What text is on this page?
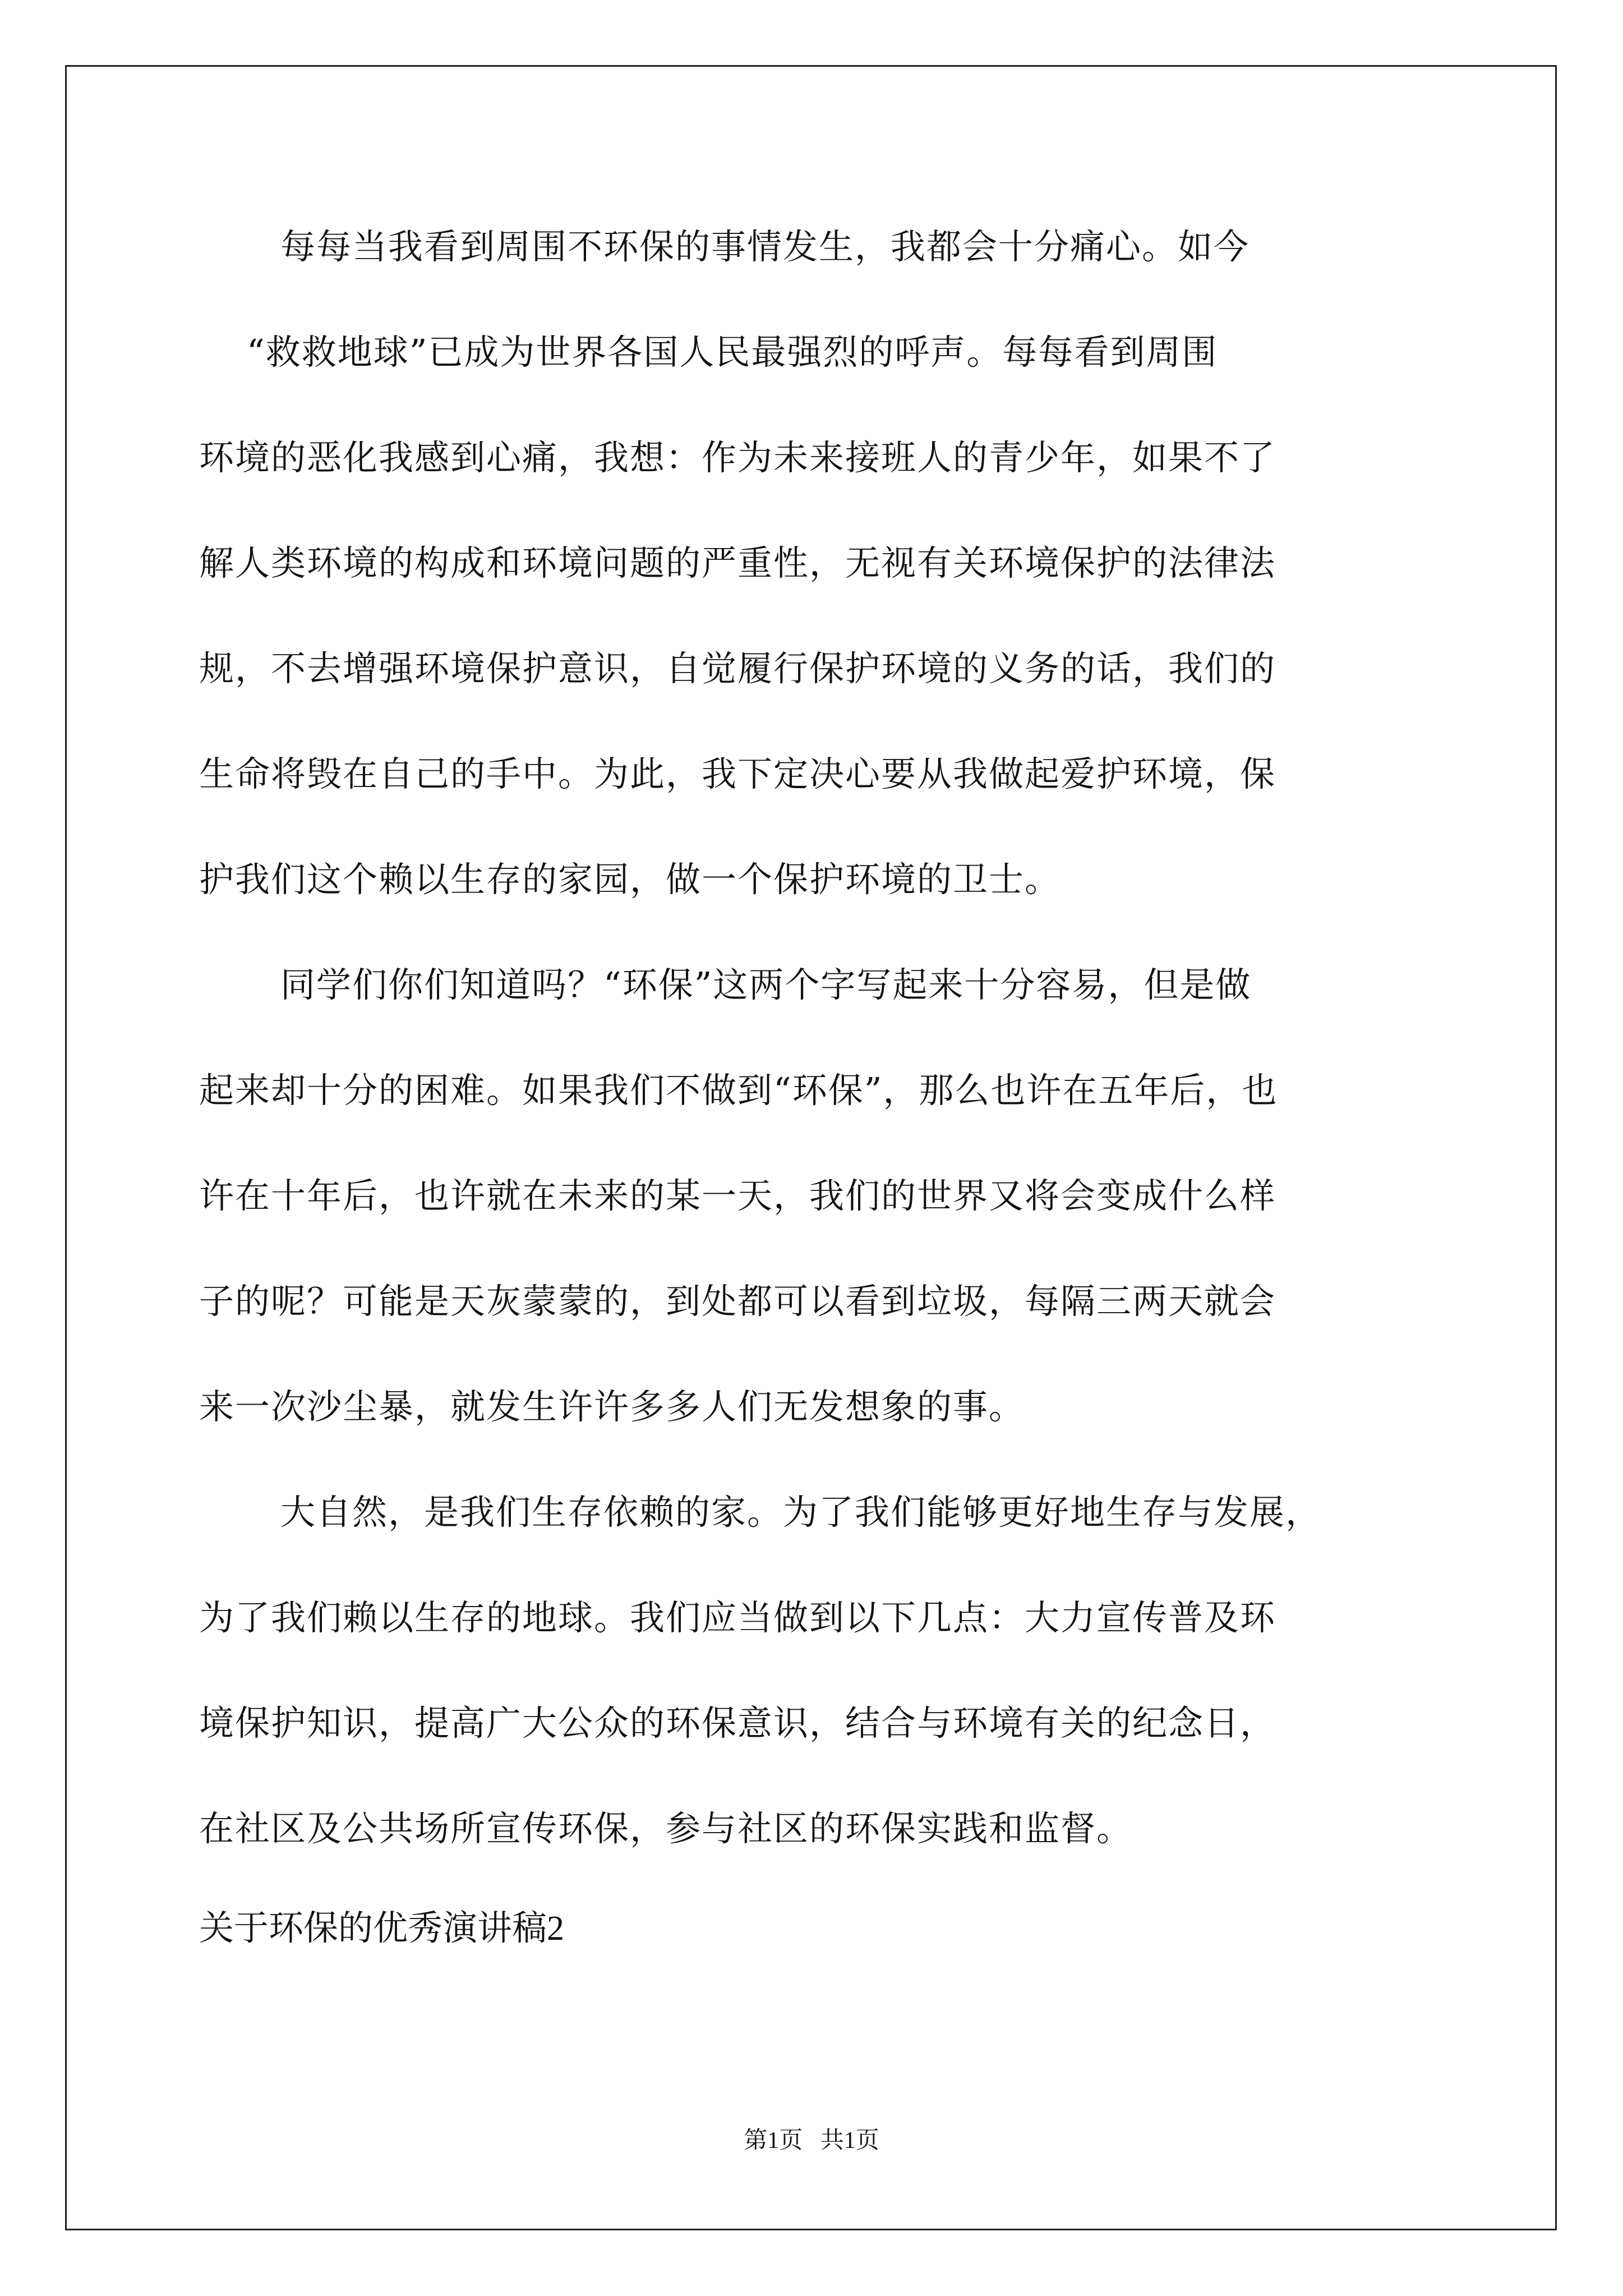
每每当我看到周围不环保的事情发生，我都会十分痛心。如今
“救救地球”已成为世界各国人民最强烈的呼声。每每看到周围
环境的恶化我感到心痛，我想：作为未来接班人的青少年，如果不了
解人类环境的构成和环境问题的严重性，无视有关环境保护的法律法
规，不去增强环境保护意识，自觉履行保护环境的义务的话，我们的
生命将毁在自己的手中。为此，我下定决心要从我做起爱护环境，保
护我们这个赖以生存的家园，做一个保护环境的卫士。
同学们你们知道吗？“环保”这两个字写起来十分容易，但是做
起来却十分的困难。如果我们不做到“环保”，那么也许在五年后，也
许在十年后，也许就在未来的某一天，我们的世界又将会变成什么样
子的呢？可能是天灰蒙蒙的，到处都可以看到垃圾，每隔三两天就会
来一次沙尘暴，就发生许许多多人们无发想象的事。
大自然，是我们生存依赖的家。为了我们能够更好地生存与发展，
为了我们赖以生存的地球。我们应当做到以下几点：大力宣传普及环
境保护知识，提高广大公众的环保意识，结合与环境有关的纪念日，
在社区及公共场所宣传环保，参与社区的环保实践和监督。
关于环保的优秀演讲稿2
第1页   共1页
